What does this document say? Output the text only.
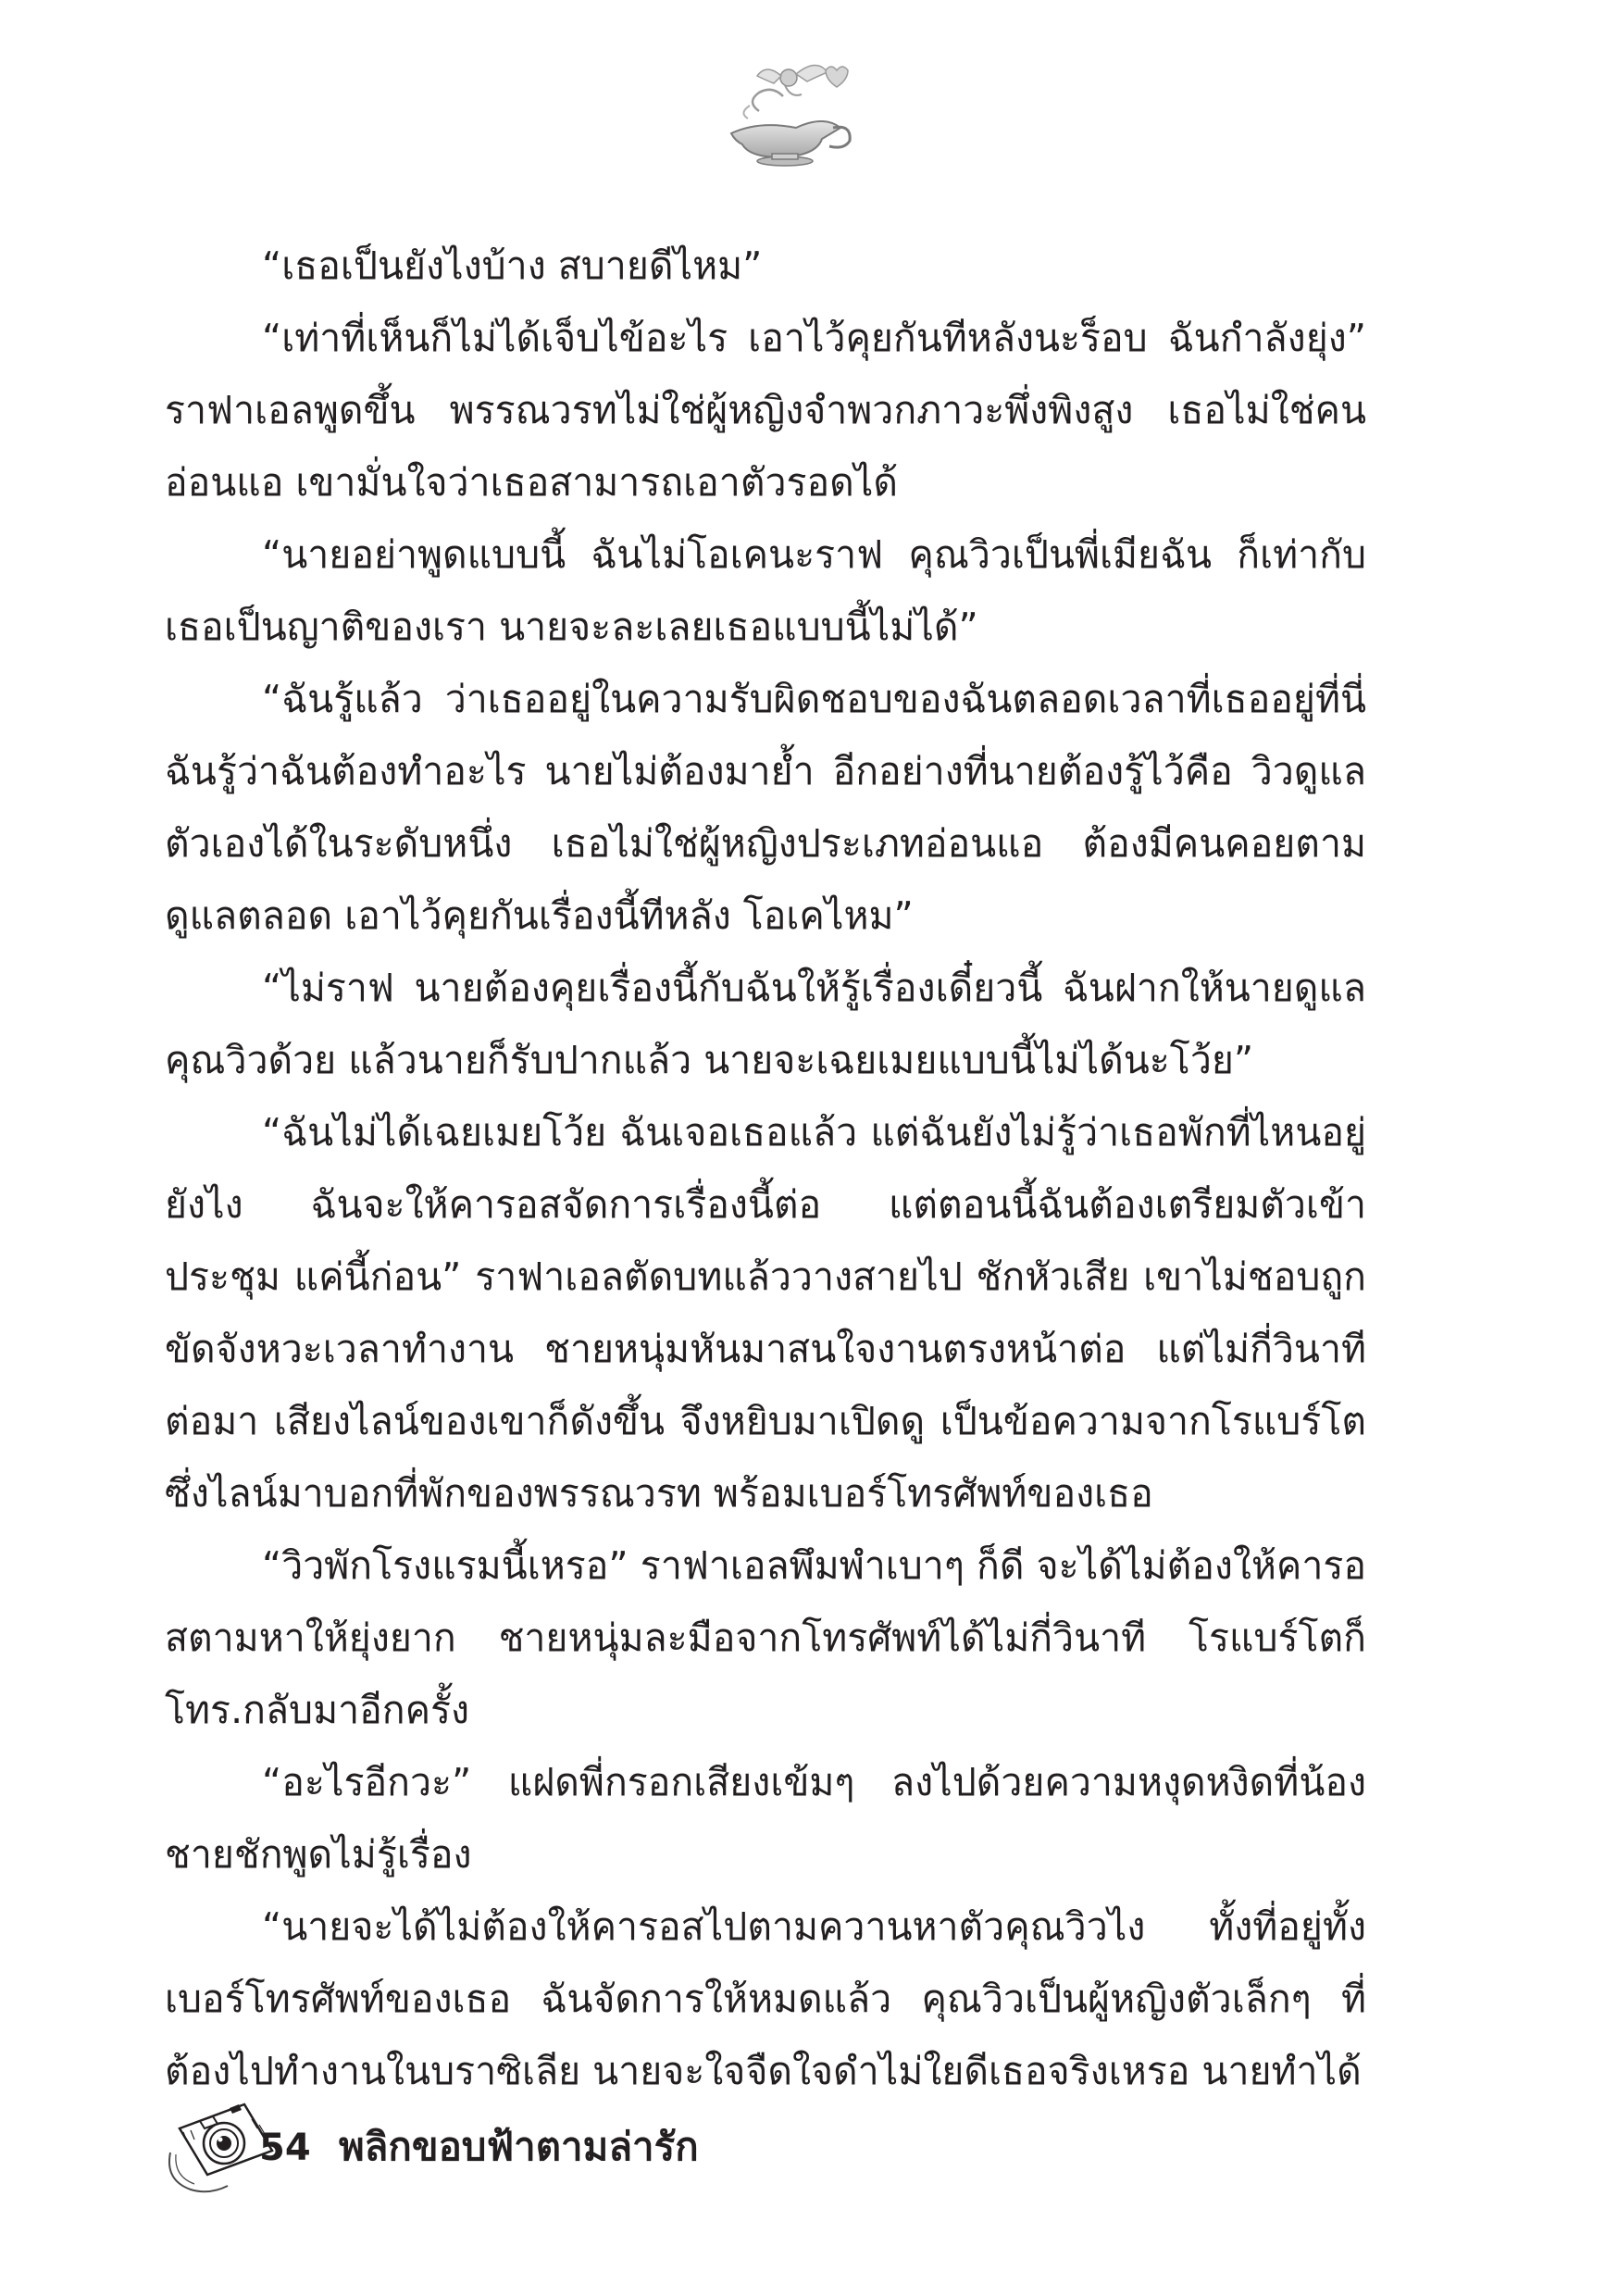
“เธอเป็นยังไงบ้าง สบายดีไหม”

“เท่าที่เห็นก็ไม่ได้เจ็บไข้อะไร เอาไว้คุยกันทีหลังนะร็อบ ฉันกำลังยุ่ง” ราฟาเอลพูดขึ้น พรรณวรทไม่ใช่ผู้หญิงจำพวกภาวะพึ่งพิงสูง เธอไม่ใช่คนอ่อนแอ เขามั่นใจว่าเธอสามารถเอาตัวรอดได้

“นายอย่าพูดแบบนี้ ฉันไม่โอเคนะราฟ คุณวิวเป็นพี่เมียฉัน ก็เท่ากับเธอเป็นญาติของเรา นายจะละเลยเธอแบบนี้ไม่ได้”

“ฉันรู้แล้ว ว่าเธออยู่ในความรับผิดชอบของฉันตลอดเวลาที่เธออยู่ที่นี่ ฉันรู้ว่าฉันต้องทำอะไร นายไม่ต้องมาย้ำ อีกอย่างที่นายต้องรู้ไว้คือ วิวดูแลตัวเองได้ในระดับหนึ่ง เธอไม่ใช่ผู้หญิงประเภทอ่อนแอ ต้องมีคนคอยตามดูแลตลอด เอาไว้คุยกันเรื่องนี้ทีหลัง โอเคไหม”

“ไม่ราฟ นายต้องคุยเรื่องนี้กับฉันให้รู้เรื่องเดี๋ยวนี้ ฉันฝากให้นายดูแลคุณวิวด้วย แล้วนายก็รับปากแล้ว นายจะเฉยเมยแบบนี้ไม่ได้นะโว้ย”

“ฉันไม่ได้เฉยเมยโว้ย ฉันเจอเธอแล้ว แต่ฉันยังไม่รู้ว่าเธอพักที่ไหนอยู่ยังไง ฉันจะให้คารอสจัดการเรื่องนี้ต่อ แต่ตอนนี้ฉันต้องเตรียมตัวเข้าประชุม แค่นี้ก่อน” ราฟาเอลตัดบทแล้ววางสายไป ชักหัวเสีย เขาไม่ชอบถูกขัดจังหวะเวลาทำงาน ชายหนุ่มหันมาสนใจงานตรงหน้าต่อ แต่ไม่กี่วินาทีต่อมา เสียงไลน์ของเขาก็ดังขึ้น จึงหยิบมาเปิดดู เป็นข้อความจากโรแบร์โตซึ่งไลน์มาบอกที่พักของพรรณวรท พร้อมเบอร์โทรศัพท์ของเธอ

“วิวพักโรงแรมนี้เหรอ” ราฟาเอลพึมพำเบาๆ ก็ดี จะได้ไม่ต้องให้คารอสตามหาให้ยุ่งยาก ชายหนุ่มละมือจากโทรศัพท์ได้ไม่กี่วินาที โรแบร์โตก็โทร.กลับมาอีกครั้ง

“อะไรอีกวะ” แฝดพี่กรอกเสียงเข้มๆ ลงไปด้วยความหงุดหงิดที่น้องชายชักพูดไม่รู้เรื่อง

“นายจะได้ไม่ต้องให้คารอสไปตามควานหาตัวคุณวิวไง ทั้งที่อยู่ทั้งเบอร์โทรศัพท์ของเธอ ฉันจัดการให้หมดแล้ว คุณวิวเป็นผู้หญิงตัวเล็กๆ ที่ต้องไปทำงานในบราซิเลีย นายจะใจจืดใจดำไม่ใยดีเธอจริงเหรอ นายทำได้

54 พลิกขอบฟ้าตามล่ารัก
